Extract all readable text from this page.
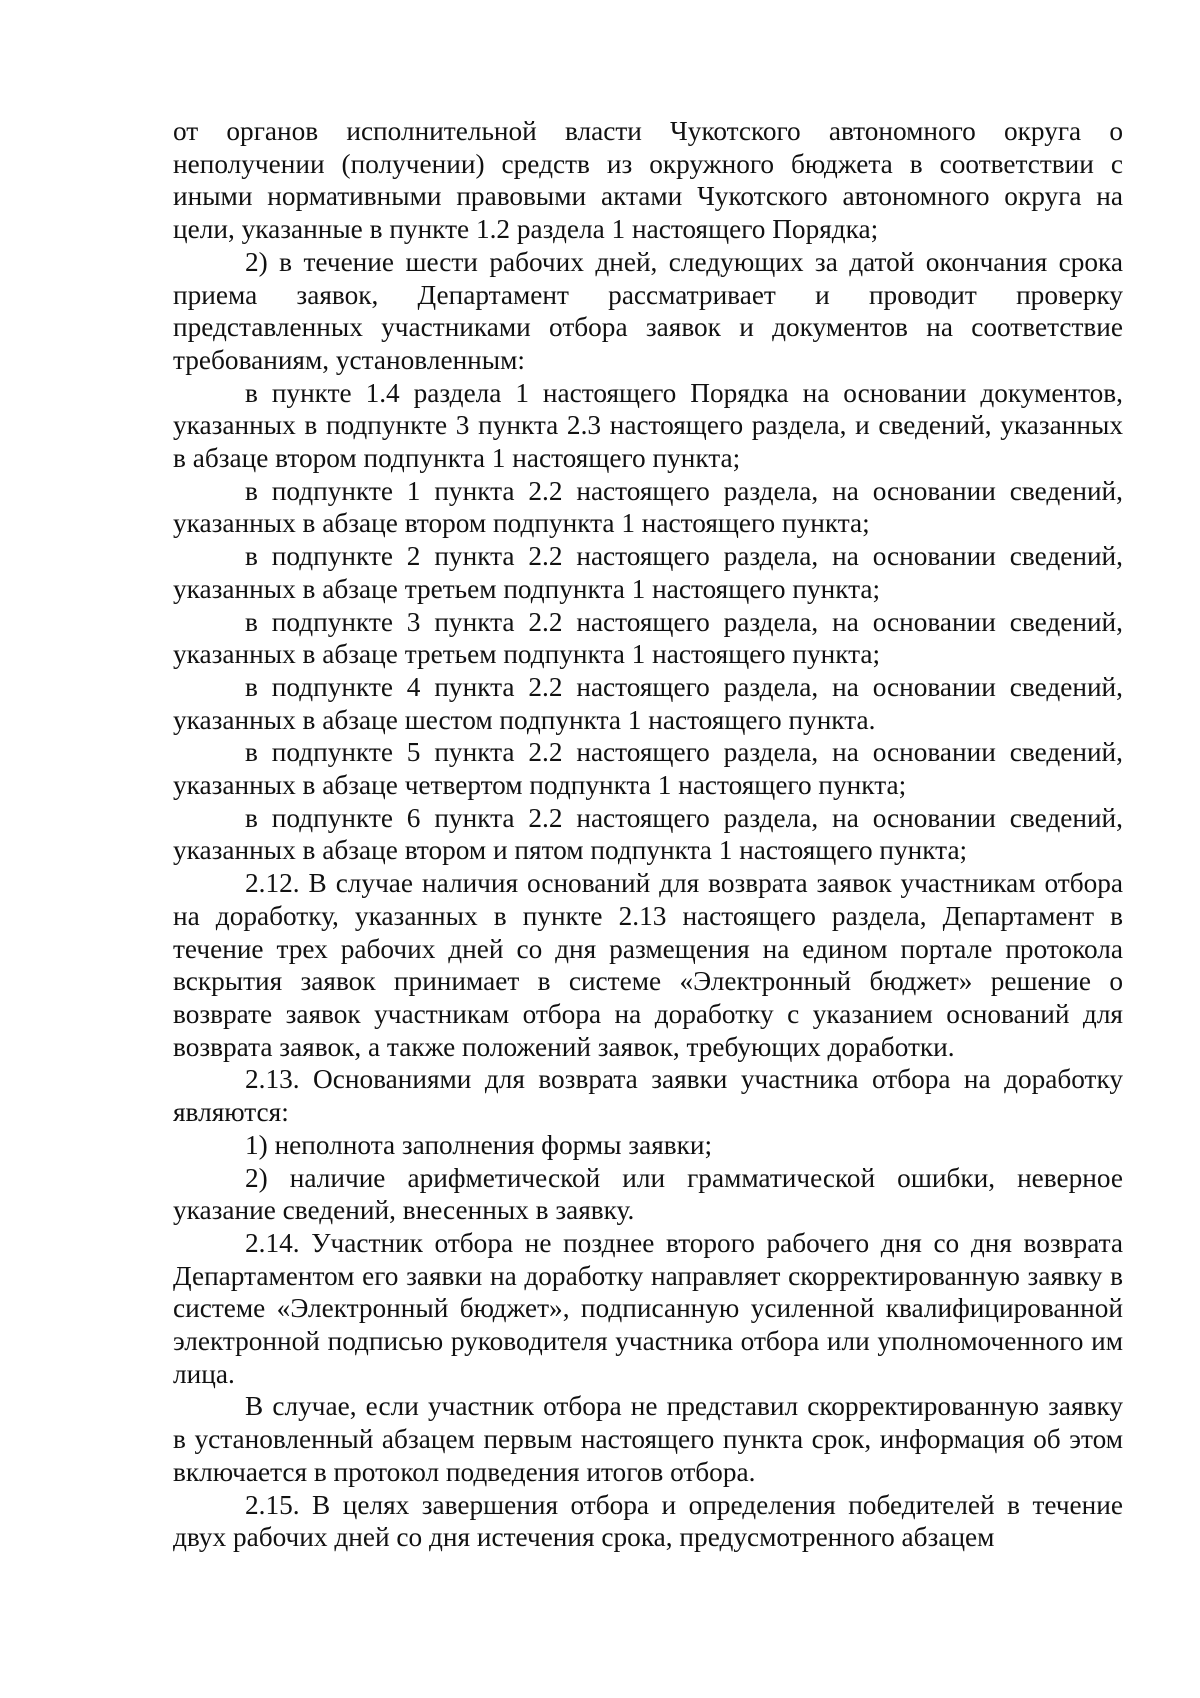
от органов исполнительной власти Чукотского автономного округа о неполучении (получении) средств из окружного бюджета в соответствии с иными нормативными правовыми актами Чукотского автономного округа на цели, указанные в пункте 1.2 раздела 1 настоящего Порядка;

2) в течение шести рабочих дней, следующих за датой окончания срока приема заявок, Департамент рассматривает и проводит проверку представленных участниками отбора заявок и документов на соответствие требованиям, установленным:

в пункте 1.4 раздела 1 настоящего Порядка на основании документов, указанных в подпункте 3 пункта 2.3 настоящего раздела, и сведений, указанных в абзаце втором подпункта 1 настоящего пункта;

в подпункте 1 пункта 2.2 настоящего раздела, на основании сведений, указанных в абзаце втором подпункта 1 настоящего пункта;

в подпункте 2 пункта 2.2 настоящего раздела, на основании сведений, указанных в абзаце третьем подпункта 1 настоящего пункта;

в подпункте 3 пункта 2.2 настоящего раздела, на основании сведений, указанных в абзаце третьем подпункта 1 настоящего пункта;

в подпункте 4 пункта 2.2 настоящего раздела, на основании сведений, указанных в абзаце шестом подпункта 1 настоящего пункта.

в подпункте 5 пункта 2.2 настоящего раздела, на основании сведений, указанных в абзаце четвертом подпункта 1 настоящего пункта;

в подпункте 6 пункта 2.2 настоящего раздела, на основании сведений, указанных в абзаце втором и пятом подпункта 1 настоящего пункта;

2.12. В случае наличия оснований для возврата заявок участникам отбора на доработку, указанных в пункте 2.13 настоящего раздела, Департамент в течение трех рабочих дней со дня размещения на едином портале протокола вскрытия заявок принимает в системе «Электронный бюджет» решение о возврате заявок участникам отбора на доработку с указанием оснований для возврата заявок, а также положений заявок, требующих доработки.

2.13. Основаниями для возврата заявки участника отбора на доработку являются:

1) неполнота заполнения формы заявки;

2) наличие арифметической или грамматической ошибки, неверное указание сведений, внесенных в заявку.

2.14. Участник отбора не позднее второго рабочего дня со дня возврата Департаментом его заявки на доработку направляет скорректированную заявку в системе «Электронный бюджет», подписанную усиленной квалифицированной электронной подписью руководителя участника отбора или уполномоченного им лица.

В случае, если участник отбора не представил скорректированную заявку в установленный абзацем первым настоящего пункта срок, информация об этом включается в протокол подведения итогов отбора.

2.15. В целях завершения отбора и определения победителей в течение двух рабочих дней со дня истечения срока, предусмотренного абзацем
